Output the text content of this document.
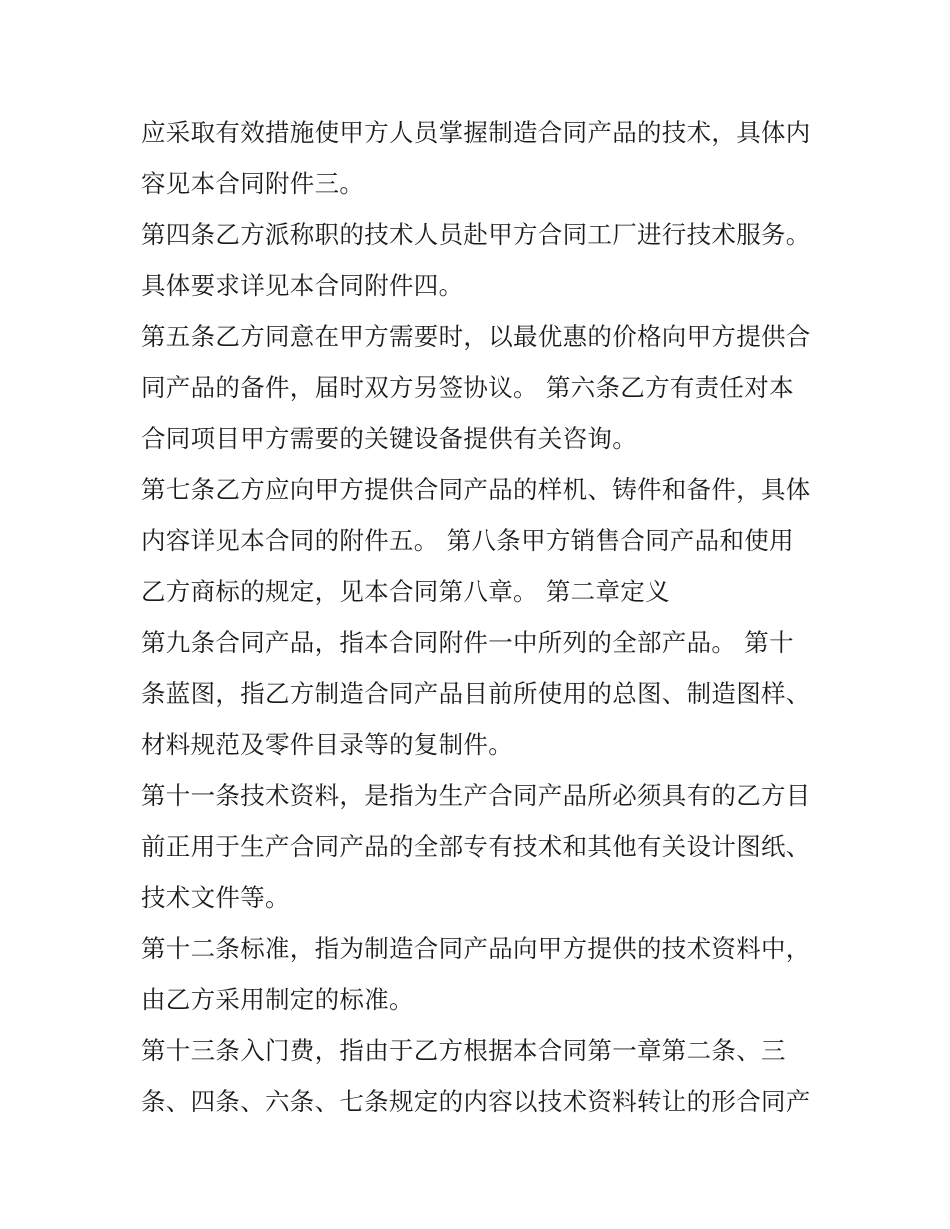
应采取有效措施使甲方人员掌握制造合同产品的技术，具体内
容见本合同附件三。
第四条乙方派称职的技术人员赴甲方合同工厂进行技术服务。
具体要求详见本合同附件四。
第五条乙方同意在甲方需要时，以最优惠的价格向甲方提供合
同产品的备件，届时双方另签协议。 第六条乙方有责任对本
合同项目甲方需要的关键设备提供有关咨询。
第七条乙方应向甲方提供合同产品的样机、铸件和备件，具体
内容详见本合同的附件五。 第八条甲方销售合同产品和使用
乙方商标的规定，见本合同第八章。 第二章定义
第九条合同产品，指本合同附件一中所列的全部产品。 第十
条蓝图，指乙方制造合同产品目前所使用的总图、制造图样、
材料规范及零件目录等的复制件。
第十一条技术资料，是指为生产合同产品所必须具有的乙方目
前正用于生产合同产品的全部专有技术和其他有关设计图纸、
技术文件等。
第十二条标准，指为制造合同产品向甲方提供的技术资料中，
由乙方采用制定的标准。
第十三条入门费，指由于乙方根据本合同第一章第二条、三
条、四条、六条、七条规定的内容以技术资料转让的形合同产
